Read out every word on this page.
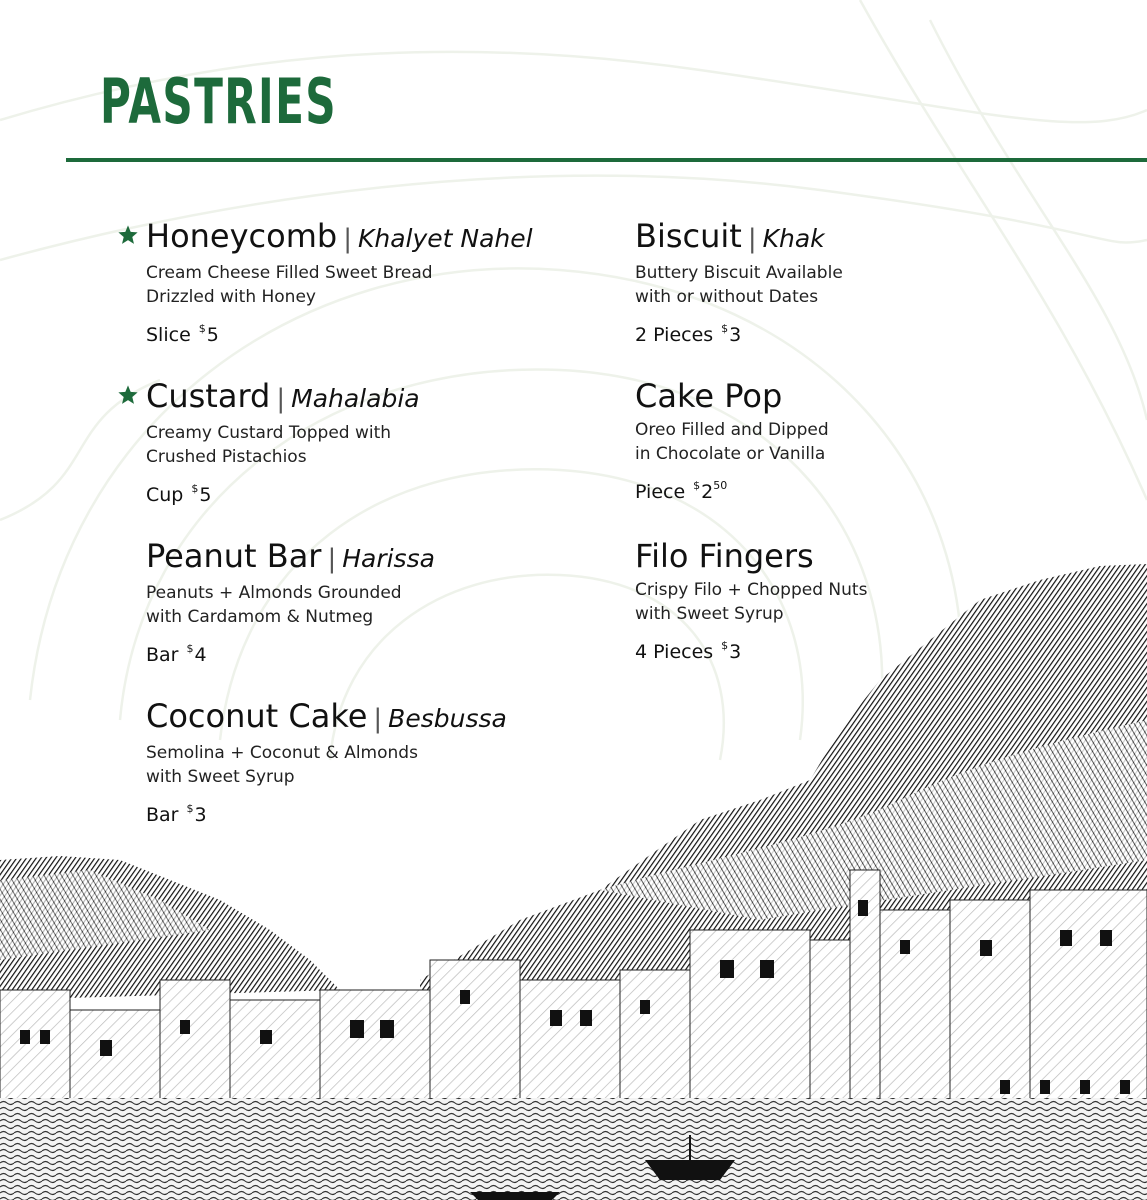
PASTRIES
Honeycomb | Khalyet Nahel
Cream Cheese Filled Sweet Bread
Drizzled with Honey
Slice $5
Custard | Mahalabia
Creamy Custard Topped with
Crushed Pistachios
Cup $5
Peanut Bar | Harissa
Peanuts + Almonds Grounded
with Cardamom & Nutmeg
Bar $4
Coconut Cake | Besbussa
Semolina + Coconut & Almonds
with Sweet Syrup
Bar $3
Biscuit | Khak
Buttery Biscuit Available
with or without Dates
2 Pieces $3
Cake Pop
Oreo Filled and Dipped
in Chocolate or Vanilla
Piece $^{\$}2^{50}$
Filo Fingers
Crispy Filo + Chopped Nuts
with Sweet Syrup
4 Pieces $3
